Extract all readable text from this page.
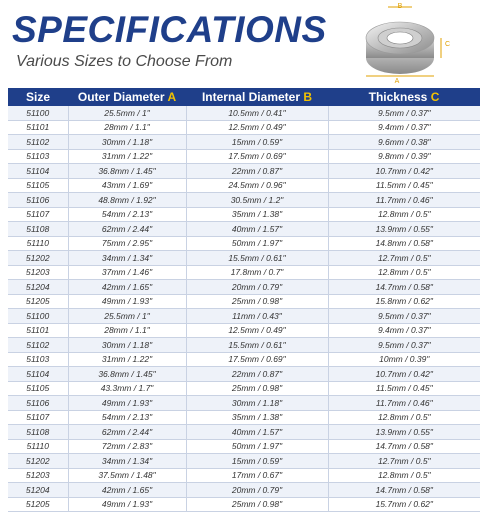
SPECIFICATIONS
Various Sizes to Choose From
B
C
A
Size	Outer Diameter A	Internal Diameter B	Thickness C
51100	25.5mm / 1"	10.5mm / 0.41"	9.5mm / 0.37"
51101	28mm / 1.1"	12.5mm / 0.49"	9.4mm / 0.37"
51102	30mm / 1.18"	15mm / 0.59"	9.6mm / 0.38"
51103	31mm / 1.22"	17.5mm / 0.69"	9.8mm / 0.39"
51104	36.8mm / 1.45"	22mm / 0.87"	10.7mm / 0.42"
51105	43mm / 1.69"	24.5mm / 0.96"	11.5mm / 0.45"
51106	48.8mm / 1.92"	30.5mm / 1.2"	11.7mm / 0.46"
51107	54mm / 2.13"	35mm / 1.38"	12.8mm / 0.5"
51108	62mm / 2.44"	40mm / 1.57"	13.9mm / 0.55"
51110	75mm / 2.95"	50mm / 1.97"	14.8mm / 0.58"
51202	34mm / 1.34"	15.5mm / 0.61"	12.7mm / 0.5"
51203	37mm / 1.46"	17.8mm / 0.7"	12.8mm / 0.5"
51204	42mm / 1.65"	20mm / 0.79"	14.7mm / 0.58"
51205	49mm / 1.93"	25mm / 0.98"	15.8mm / 0.62"
51100	25.5mm / 1"	11mm / 0.43"	9.5mm / 0.37"
51101	28mm / 1.1"	12.5mm / 0.49"	9.4mm / 0.37"
51102	30mm / 1.18"	15.5mm / 0.61"	9.5mm / 0.37"
51103	31mm / 1.22"	17.5mm / 0.69"	10mm / 0.39"
51104	36.8mm / 1.45"	22mm / 0.87"	10.7mm / 0.42"
51105	43.3mm / 1.7"	25mm / 0.98"	11.5mm / 0.45"
51106	49mm / 1.93"	30mm / 1.18"	11.7mm / 0.46"
51107	54mm / 2.13"	35mm / 1.38"	12.8mm / 0.5"
51108	62mm / 2.44"	40mm / 1.57"	13.9mm / 0.55"
51110	72mm / 2.83"	50mm / 1.97"	14.7mm / 0.58"
51202	34mm / 1.34"	15mm / 0.59"	12.7mm / 0.5"
51203	37.5mm / 1.48"	17mm / 0.67"	12.8mm / 0.5"
51204	42mm / 1.65"	20mm / 0.79"	14.7mm / 0.58"
51205	49mm / 1.93"	25mm / 0.98"	15.7mm / 0.62"
